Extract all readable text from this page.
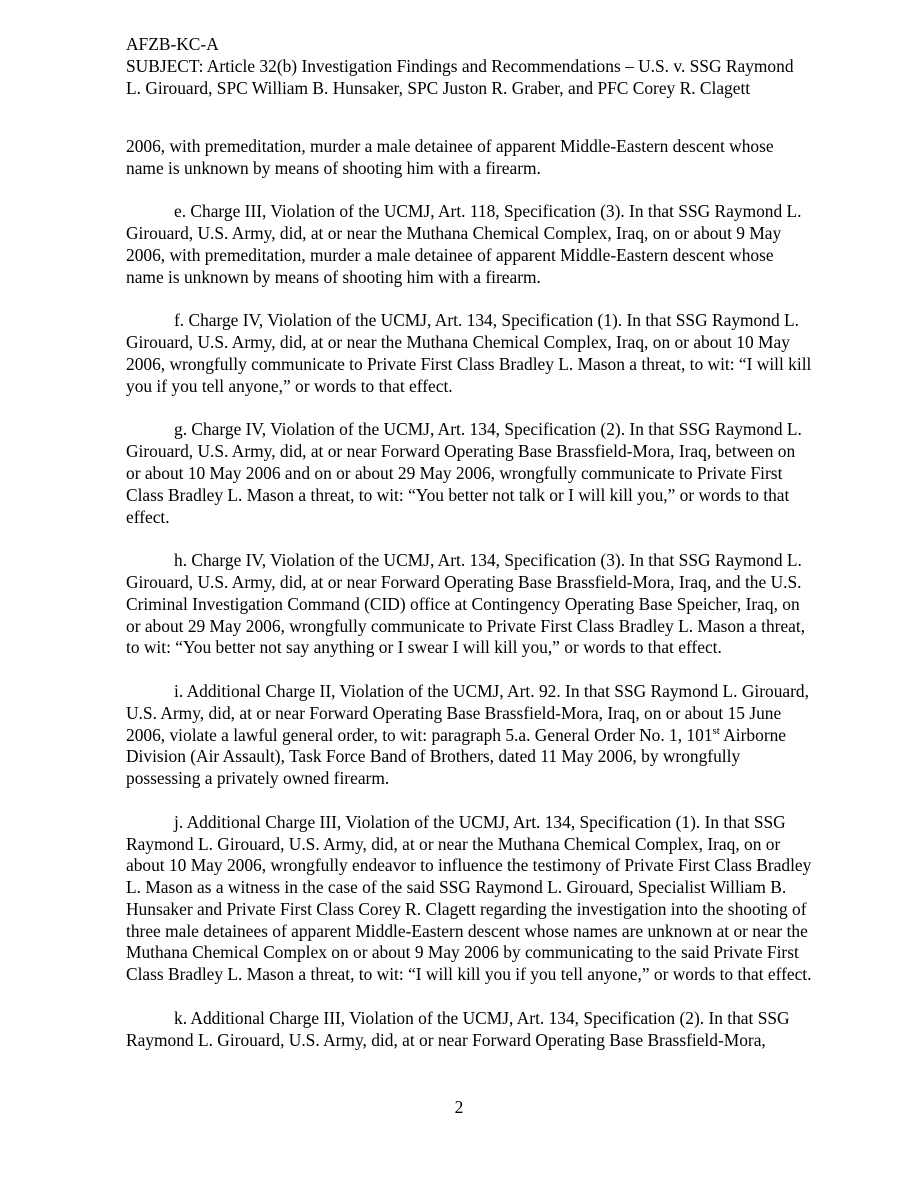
AFZB-KC-A
SUBJECT: Article 32(b) Investigation Findings and Recommendations – U.S. v. SSG Raymond
L. Girouard, SPC William B. Hunsaker, SPC Juston R. Graber, and PFC Corey R. Clagett

2006, with premeditation, murder a male detainee of apparent Middle-Eastern descent whose name is unknown by means of shooting him with a firearm.

e. Charge III, Violation of the UCMJ, Art. 118, Specification (3). In that SSG Raymond L. Girouard, U.S. Army, did, at or near the Muthana Chemical Complex, Iraq, on or about 9 May 2006, with premeditation, murder a male detainee of apparent Middle-Eastern descent whose name is unknown by means of shooting him with a firearm.

f. Charge IV, Violation of the UCMJ, Art. 134, Specification (1). In that SSG Raymond L. Girouard, U.S. Army, did, at or near the Muthana Chemical Complex, Iraq, on or about 10 May 2006, wrongfully communicate to Private First Class Bradley L. Mason a threat, to wit: “I will kill you if you tell anyone,” or words to that effect.

g. Charge IV, Violation of the UCMJ, Art. 134, Specification (2). In that SSG Raymond L. Girouard, U.S. Army, did, at or near Forward Operating Base Brassfield-Mora, Iraq, between on or about 10 May 2006 and on or about 29 May 2006, wrongfully communicate to Private First Class Bradley L. Mason a threat, to wit: “You better not talk or I will kill you,” or words to that effect.

h. Charge IV, Violation of the UCMJ, Art. 134, Specification (3). In that SSG Raymond L. Girouard, U.S. Army, did, at or near Forward Operating Base Brassfield-Mora, Iraq, and the U.S. Criminal Investigation Command (CID) office at Contingency Operating Base Speicher, Iraq, on or about 29 May 2006, wrongfully communicate to Private First Class Bradley L. Mason a threat, to wit: “You better not say anything or I swear I will kill you,” or words to that effect.

i. Additional Charge II, Violation of the UCMJ, Art. 92. In that SSG Raymond L. Girouard, U.S. Army, did, at or near Forward Operating Base Brassfield-Mora, Iraq, on or about 15 June 2006, violate a lawful general order, to wit: paragraph 5.a. General Order No. 1, 101st Airborne Division (Air Assault), Task Force Band of Brothers, dated 11 May 2006, by wrongfully possessing a privately owned firearm.

j. Additional Charge III, Violation of the UCMJ, Art. 134, Specification (1). In that SSG Raymond L. Girouard, U.S. Army, did, at or near the Muthana Chemical Complex, Iraq, on or about 10 May 2006, wrongfully endeavor to influence the testimony of Private First Class Bradley L. Mason as a witness in the case of the said SSG Raymond L. Girouard, Specialist William B. Hunsaker and Private First Class Corey R. Clagett regarding the investigation into the shooting of three male detainees of apparent Middle-Eastern descent whose names are unknown at or near the Muthana Chemical Complex on or about 9 May 2006 by communicating to the said Private First Class Bradley L. Mason a threat, to wit: “I will kill you if you tell anyone,” or words to that effect.

k. Additional Charge III, Violation of the UCMJ, Art. 134, Specification (2). In that SSG Raymond L. Girouard, U.S. Army, did, at or near Forward Operating Base Brassfield-Mora,

2
